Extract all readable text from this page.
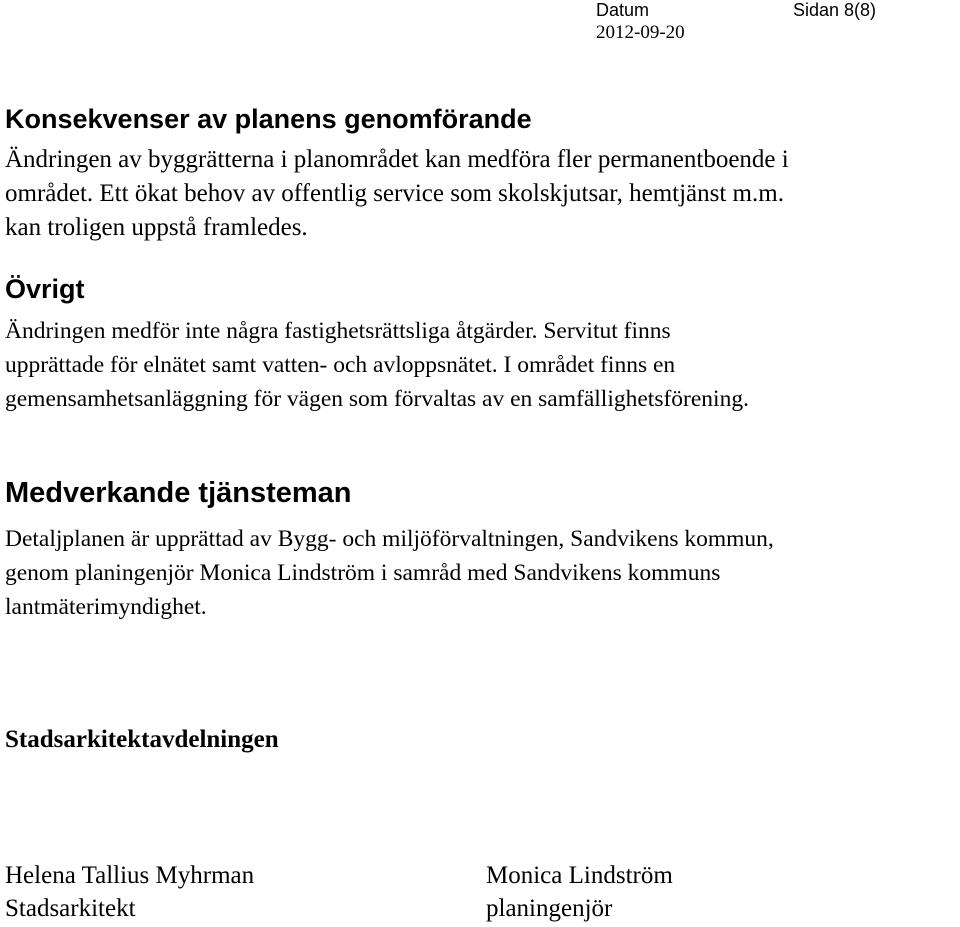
Datum	Sidan 8(8)
2012-09-20
Konsekvenser av planens genomförande
Ändringen av byggrätterna i planområdet kan medföra fler permanentboende i
området. Ett ökat behov av offentlig service som skolskjutsar, hemtjänst m.m.
kan troligen uppstå framledes.
Övrigt
Ändringen medför inte några fastighetsrättsliga åtgärder. Servitut finns
upprättade för elnätet samt vatten- och avloppsnätet. I området finns en
gemensamhetsanläggning för vägen som förvaltas av en samfällighetsförening.
Medverkande tjänsteman
Detaljplanen är upprättad av Bygg- och miljöförvaltningen, Sandvikens kommun,
genom planingenjör Monica Lindström i samråd med Sandvikens kommuns
lantmäterimyndighet.
Stadsarkitektavdelningen
Helena Tallius Myhrman
Stadsarkitekt
Monica Lindström
planingenjör
